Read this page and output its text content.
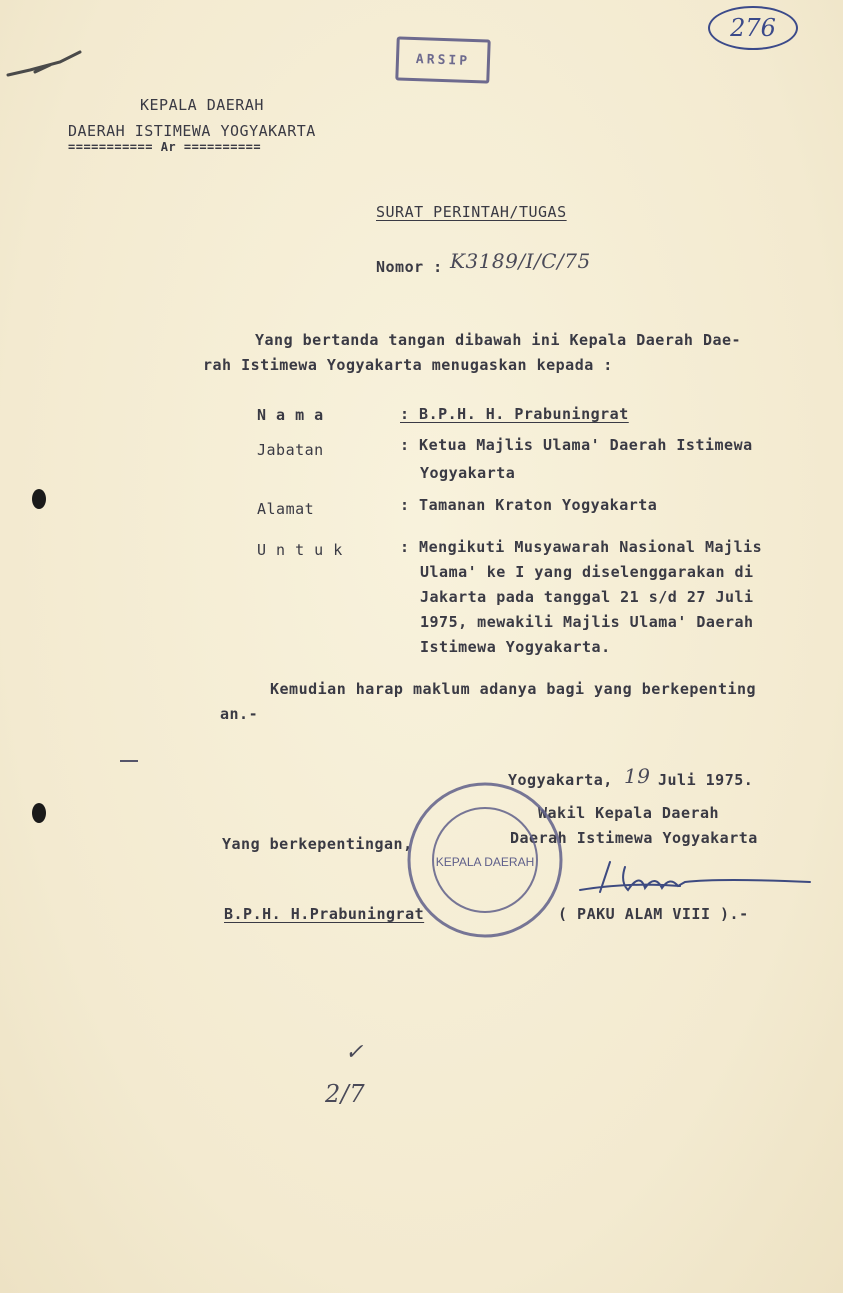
276
ARSIP
KEPALA DAERAH
DAERAH ISTIMEWA YOGYAKARTA
=========== Ar ==========
SURAT PERINTAH/TUGAS
Nomor : K3189/I/C/75
Yang bertanda tangan dibawah ini Kepala Daerah Dae-
rah Istimewa Yogyakarta menugaskan kepada :
N a m a	: B.P.H. H. Prabuningrat
Jabatan	: Ketua Majlis Ulama' Daerah Istimewa
Yogyakarta
Alamat	: Tamanan Kraton Yogyakarta
U n t u k	: Mengikuti Musyawarah Nasional Majlis
Ulama' ke I yang diselenggarakan di
Jakarta pada tanggal 21 s/d 27 Juli
1975, mewakili Majlis Ulama' Daerah
Istimewa Yogyakarta.
Kemudian harap maklum adanya bagi yang berkepenting
an.-
Yogyakarta, 19 Juli 1975.
Wakil Kepala Daerah
Daerah Istimewa Yogyakarta
Yang berkepentingan,
B.P.H. H.Prabuningrat	( PAKU ALAM VIII ).-
KEPALA DAERAH
✓
2/7
